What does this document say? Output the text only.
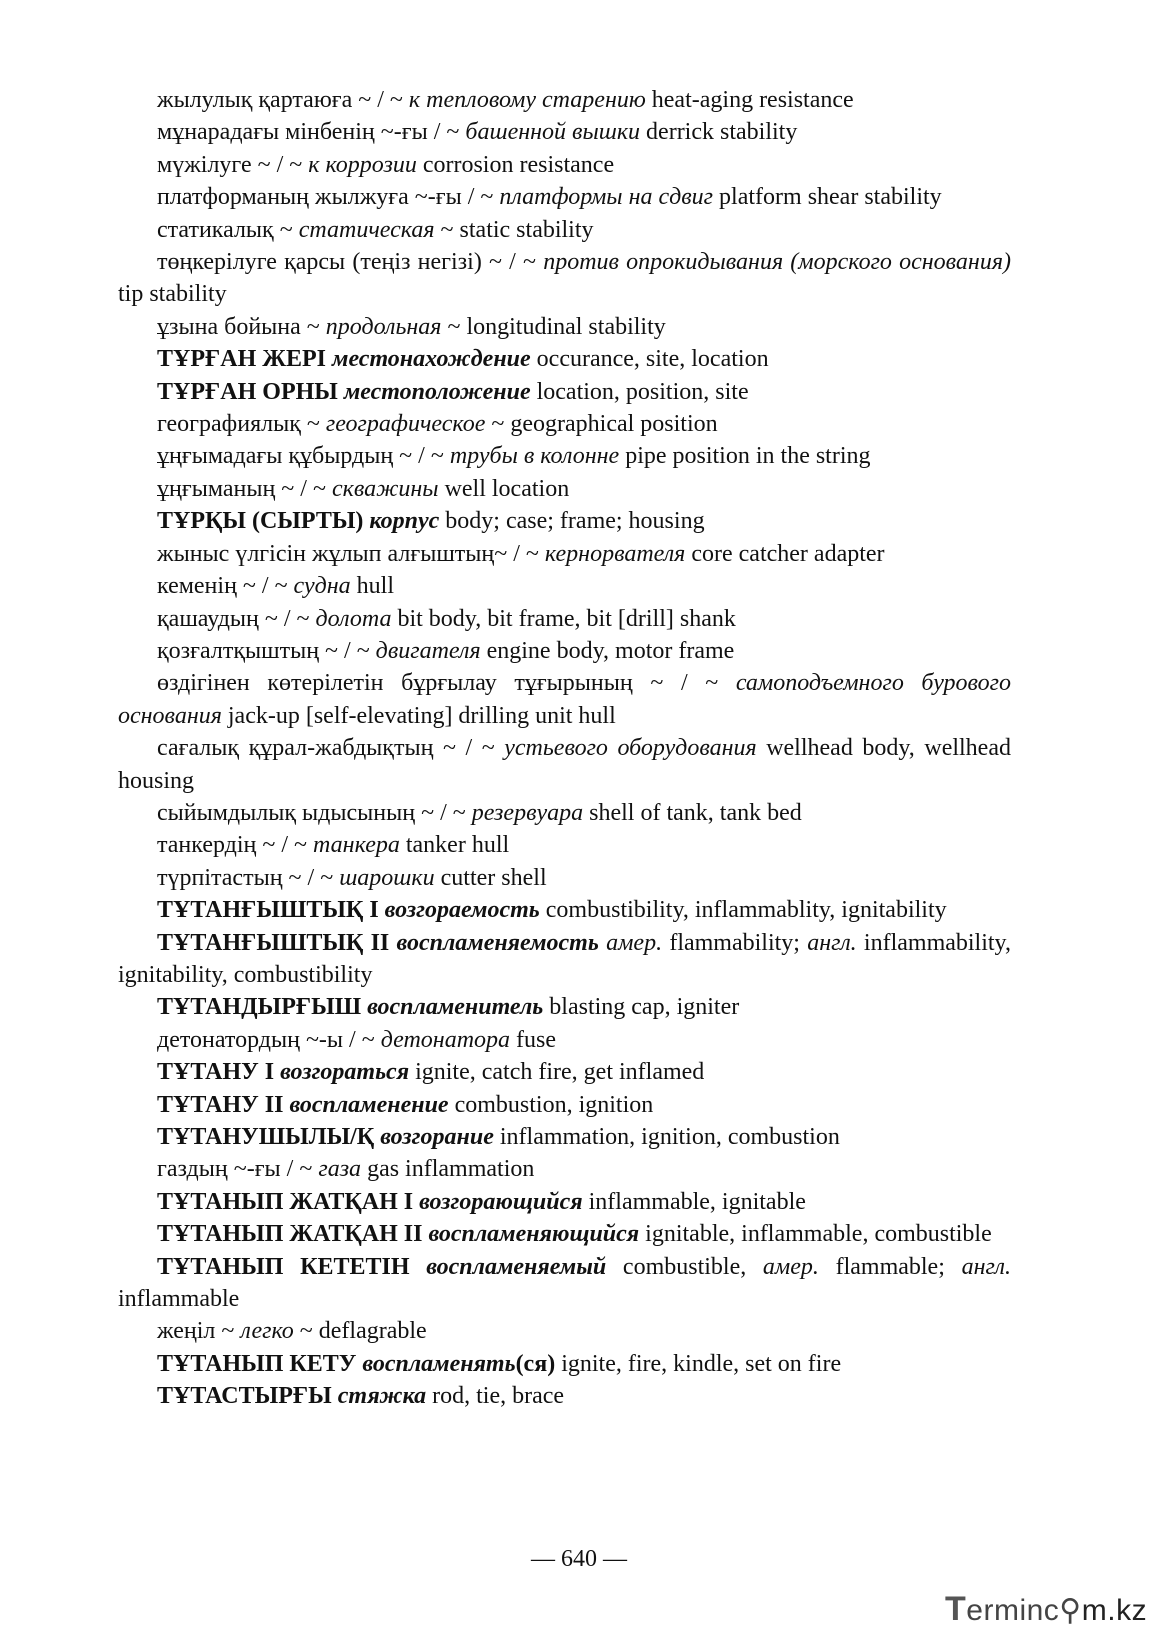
жылулық қартаюға ~ / ~ к тепловому старению heat-aging resistance

мұнарадағы мінбенің ~-ғы / ~ башенной вышки derrick stability

мүжілуге ~ / ~ к коррозии corrosion resistance

платформаның жылжуға ~-ғы / ~ платформы на сдвиг platform shear stability

статикалық ~ статическая ~ static stability

төңкерілуге қарсы (теңіз негізі) ~ / ~ против опрокидывания (морского основания) tip stability

ұзына бойына ~ продольная ~ longitudinal stability

ТҰРҒАН ЖЕРІ местонахождение occurance, site, location

ТҰРҒАН ОРНЫ местоположение location, position, site

географиялық ~ географическое ~ geographical position

ұңғымадағы құбырдың ~ / ~ трубы в колонне pipe position in the string

ұңғыманың ~ / ~ скважины well location

ТҰРҚЫ (СЫРТЫ) корпус body; case; frame; housing

жыныс үлгісін жұлып алғыштың~ / ~ кернорвателя core catcher adapter

кеменің ~ / ~ судна hull

қашаудың ~ / ~ долота bit body, bit frame, bit [drill] shank

қозғалтқыштың ~ / ~ двигателя engine body, motor frame

өздігінен көтерілетін бұрғылау тұғырының ~ / ~ самоподъемного бурового основания jack-up [self-elevating] drilling unit hull

сағалық құрал-жабдықтың ~ / ~ устьевого оборудования wellhead body, wellhead housing

сыйымдылық ыдысының ~ / ~ резервуара shell of tank, tank bed

танкердің ~ / ~ танкера tanker hull

түрпітастың ~ / ~ шарошки cutter shell

ТҰТАНҒЫШТЫҚ I возгораемость combustibility, inflammablity, ignitability

ТҰТАНҒЫШТЫҚ II воспламеняемость амер. flammability; англ. inflammability, ignitability, combustibility

ТҰТАНДЫРҒЫШ воспламенитель blasting cap, igniter

детонатордың ~-ы / ~ детонатора fuse

ТҰТАНУ I возгораться ignite, catch fire, get inflamed

ТҰТАНУ II воспламенение combustion, ignition

ТҰТАНУШЫЛЫ/Қ возгорание inflammation, ignition, combustion

газдың ~-ғы / ~ газа gas inflammation

ТҰТАНЫП ЖАТҚАН I возгорающийся inflammable, ignitable

ТҰТАНЫП ЖАТҚАН II воспламеняющийся ignitable, inflammable, combustible

ТҰТАНЫП КЕТЕТІН воспламеняемый combustible, амер. flammable; англ. inflammable

жеңіл ~ легко ~ deflagrable

ТҰТАНЫП КЕТУ воспламенять(ся) ignite, fire, kindle, set on fire

ТҰТАСТЫРҒЫ стяжка rod, tie, brace

— 640 —
Terminc⚲m.kz
